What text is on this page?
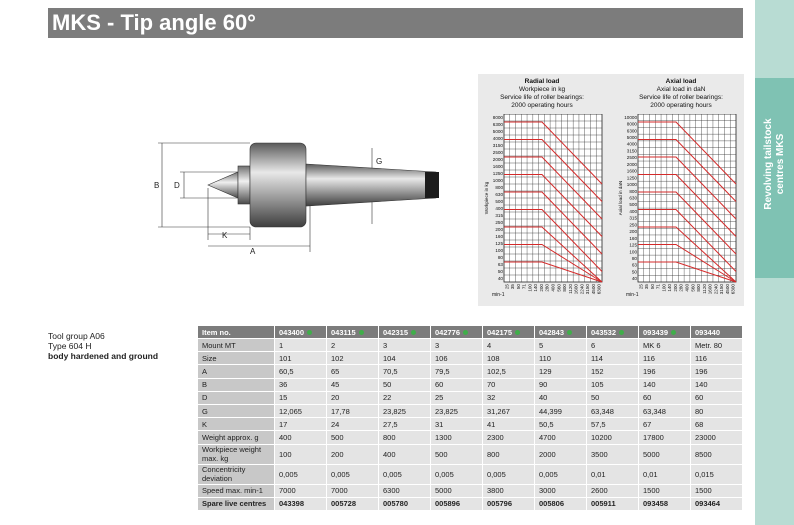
MKS - Tip angle 60°
Revolving tailstock centres MKS
B D
K
A
G
Radial load
Workpiece in kg
Service life of roller bearings:
2000 operating hours
Axial load
Axial load in daN
Service life of roller bearings:
2000 operating hours
8000
6300
5000
4000
3150
2500
2000
1600
1250
1000
800
630
500
400
315
250
200
160
125
100
80
63
50
40
25 35 50 71 100 140 200 280 400 560 800 1120 1600 2240 3150 4500 6300
Workpiece in kg
min-1
10000
8000
6300
5000
4000
3150
2500
2000
1600
1250
1000
800
630
500
400
315
250
200
160
125
100
80
63
50
40
25 35 50 71 100 140 200 280 400 560 800 1120 1600 2240 3150 4500 6300
Axial load in daN
min-1
Tool group A06
Type 604 H
body hardened and ground
Item no.	043400	043115	042315	042776	042175	042843	043532	093439	093440
Mount MT	1	2	3	3	4	5	6	MK 6	Metr. 80
Size	101	102	104	106	108	110	114	116	116
A	60,5	65	70,5	79,5	102,5	129	152	196	196
B	36	45	50	60	70	90	105	140	140
D	15	20	22	25	32	40	50	60	60
G	12,065	17,78	23,825	23,825	31,267	44,399	63,348	63,348	80
K	17	24	27,5	31	41	50,5	57,5	67	68
Weight approx. g	400	500	800	1300	2300	4700	10200	17800	23000
Workpiece weight max. kg	100	200	400	500	800	2000	3500	5000	8500
Concentricity deviation	0,005	0,005	0,005	0,005	0,005	0,005	0,01	0,01	0,015
Speed max. min-1	7000	7000	6300	5000	3800	3000	2600	1500	1500
Spare live centres	043398	005728	005780	005896	005796	005806	005911	093458	093464
